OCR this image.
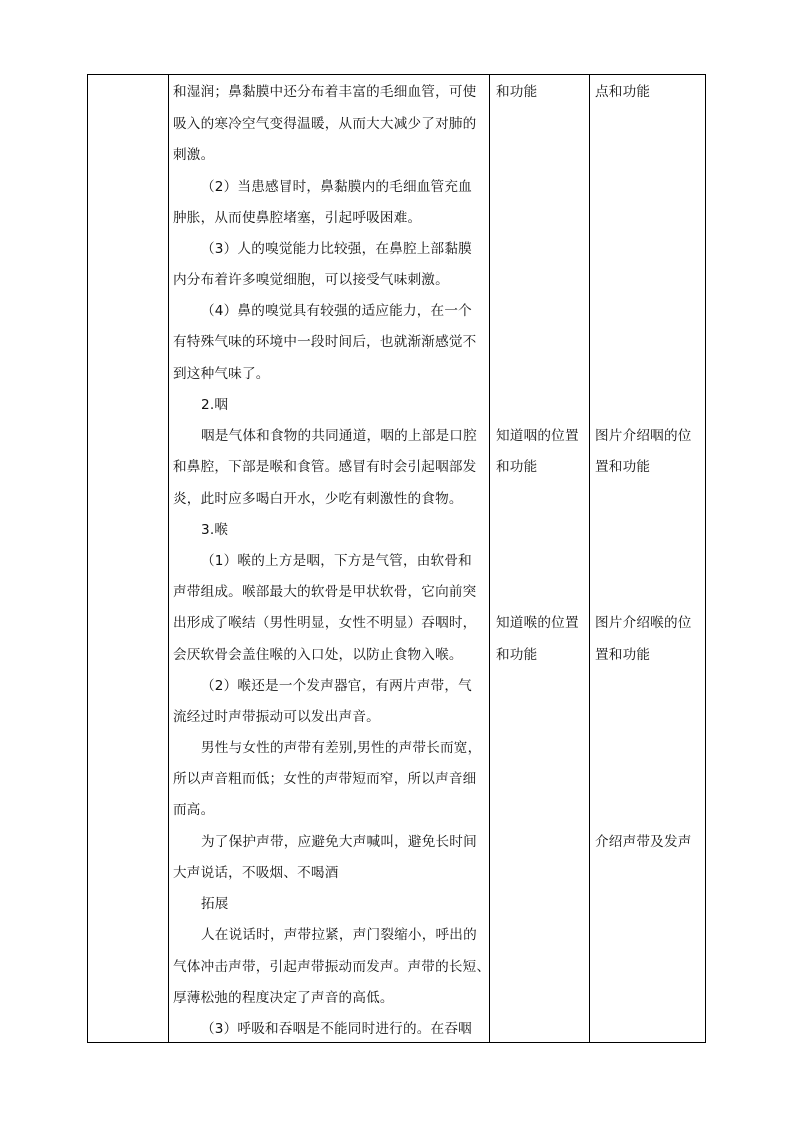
和湿润；鼻黏膜中还分布着丰富的毛细血管，可使
吸入的寒冷空气变得温暖，从而大大减少了对肺的
刺激。
（2）当患感冒时，鼻黏膜内的毛细血管充血
肿胀，从而使鼻腔堵塞，引起呼吸困难。
（3）人的嗅觉能力比较强，在鼻腔上部黏膜
内分布着许多嗅觉细胞，可以接受气味刺激。
（4）鼻的嗅觉具有较强的适应能力，在一个
有特殊气味的环境中一段时间后，也就渐渐感觉不
到这种气味了。
2.咽
咽是气体和食物的共同通道，咽的上部是口腔
和鼻腔，下部是喉和食管。感冒有时会引起咽部发
炎，此时应多喝白开水，少吃有刺激性的食物。
3.喉
（1）喉的上方是咽，下方是气管，由软骨和
声带组成。喉部最大的软骨是甲状软骨，它向前突
出形成了喉结（男性明显，女性不明显）吞咽时，
会厌软骨会盖住喉的入口处，以防止食物入喉。
（2）喉还是一个发声器官，有两片声带，气
流经过时声带振动可以发出声音。
男性与女性的声带有差别,男性的声带长而宽，
所以声音粗而低；女性的声带短而窄，所以声音细
而高。
为了保护声带，应避免大声喊叫，避免长时间
大声说话，不吸烟、不喝酒
拓展
人在说话时，声带拉紧，声门裂缩小，呼出的
气体冲击声带，引起声带振动而发声。声带的长短、
厚薄松弛的程度决定了声音的高低。
（3）呼吸和吞咽是不能同时进行的。在吞咽
和功能
知道咽的位置
和功能
知道喉的位置
和功能
点和功能
图片介绍咽的位
置和功能
图片介绍喉的位
置和功能
介绍声带及发声
